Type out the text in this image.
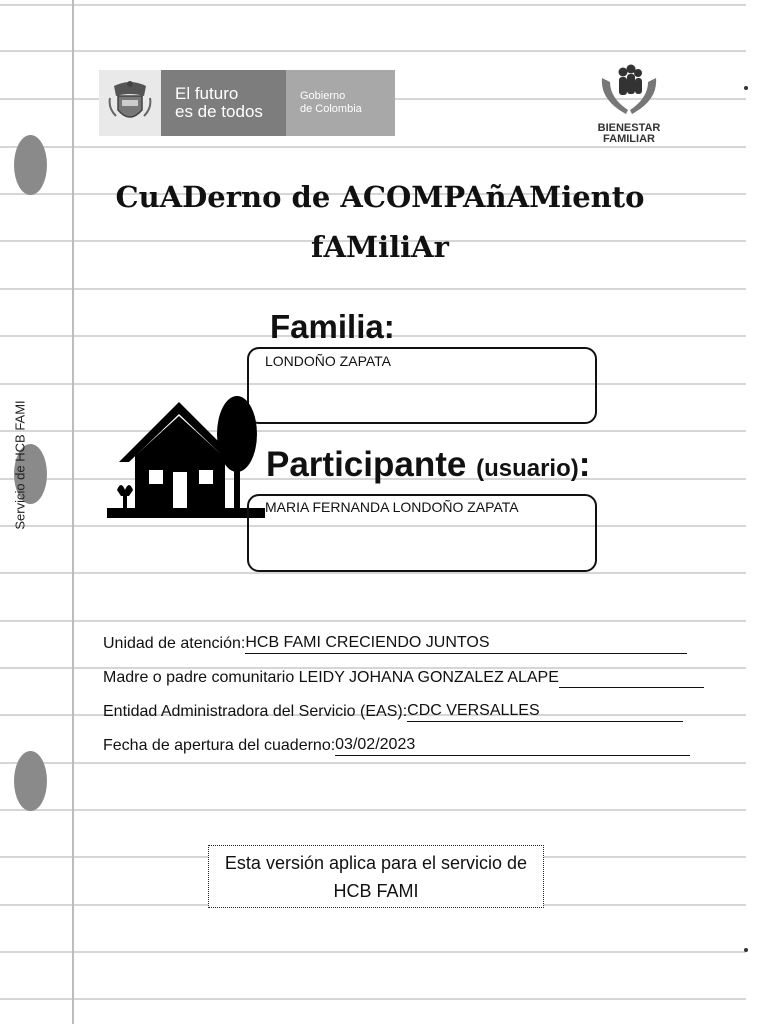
Servicio de HCB FAMI
El futuro
es de todos
Gobierno
de Colombia
BIENESTAR
FAMILIAR
CuADerno de ACOMPAñAMiento
fAMiliAr
Familia:
LONDOÑO ZAPATA
Participante (usuario):
MARIA FERNANDA LONDOÑO ZAPATA
Unidad de atención: HCB FAMI CRECIENDO JUNTOS
Madre o padre comunitario LEIDY JOHANA GONZALEZ ALAPE
Entidad Administradora del Servicio (EAS): CDC VERSALLES
Fecha de apertura del cuaderno: 03/02/2023
Esta versión aplica para el servicio de
HCB FAMI
